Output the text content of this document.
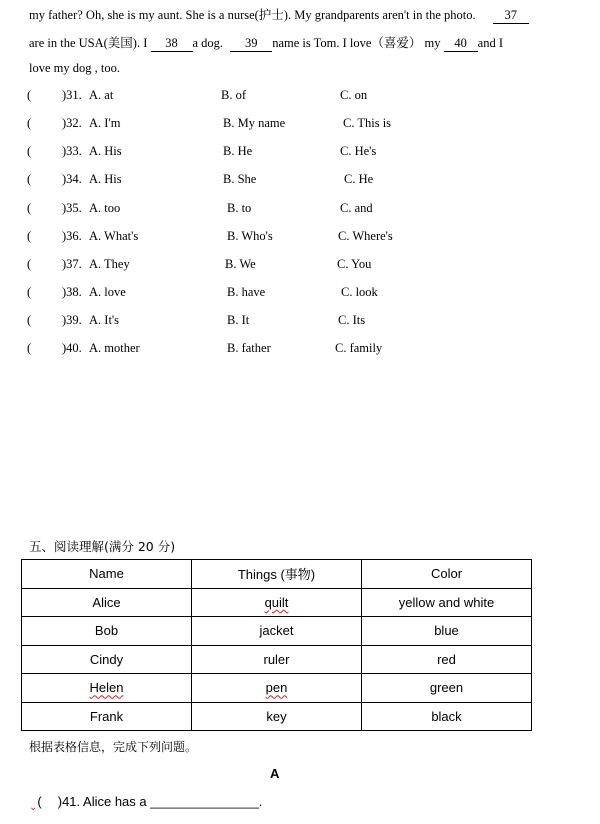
my father? Oh, she is my aunt. She is a nurse(护士). My grandparents aren't in the photo. 37
are in the USA(美国). I 38 a dog. 39 name is Tom. I love（喜爱） my 40 and I
love my dog , too.
( )31. A. at	B. of	C. on
( )32. A. I'm	B. My name	C. This is
( )33. A. His	B. He	C. He's
( )34. A. His	B. She	C. He
( )35. A. too	B. to	C. and
( )36. A. What's	B. Who's	C. Where's
( )37. A. They	B. We	C. You
( )38. A. love	B. have	C. look
( )39. A. It's	B. It	C. Its
( )40. A. mother	B. father	C. family
五、阅读理解(满分 20 分)
Name	Things (事物)	Color
Alice	quilt	yellow and white
Bob	jacket	blue
Cindy	ruler	red
Helen	pen	green
Frank	key	black
根据表格信息，完成下列问题。
A
$_⌄$( )41. Alice has a _______________.
